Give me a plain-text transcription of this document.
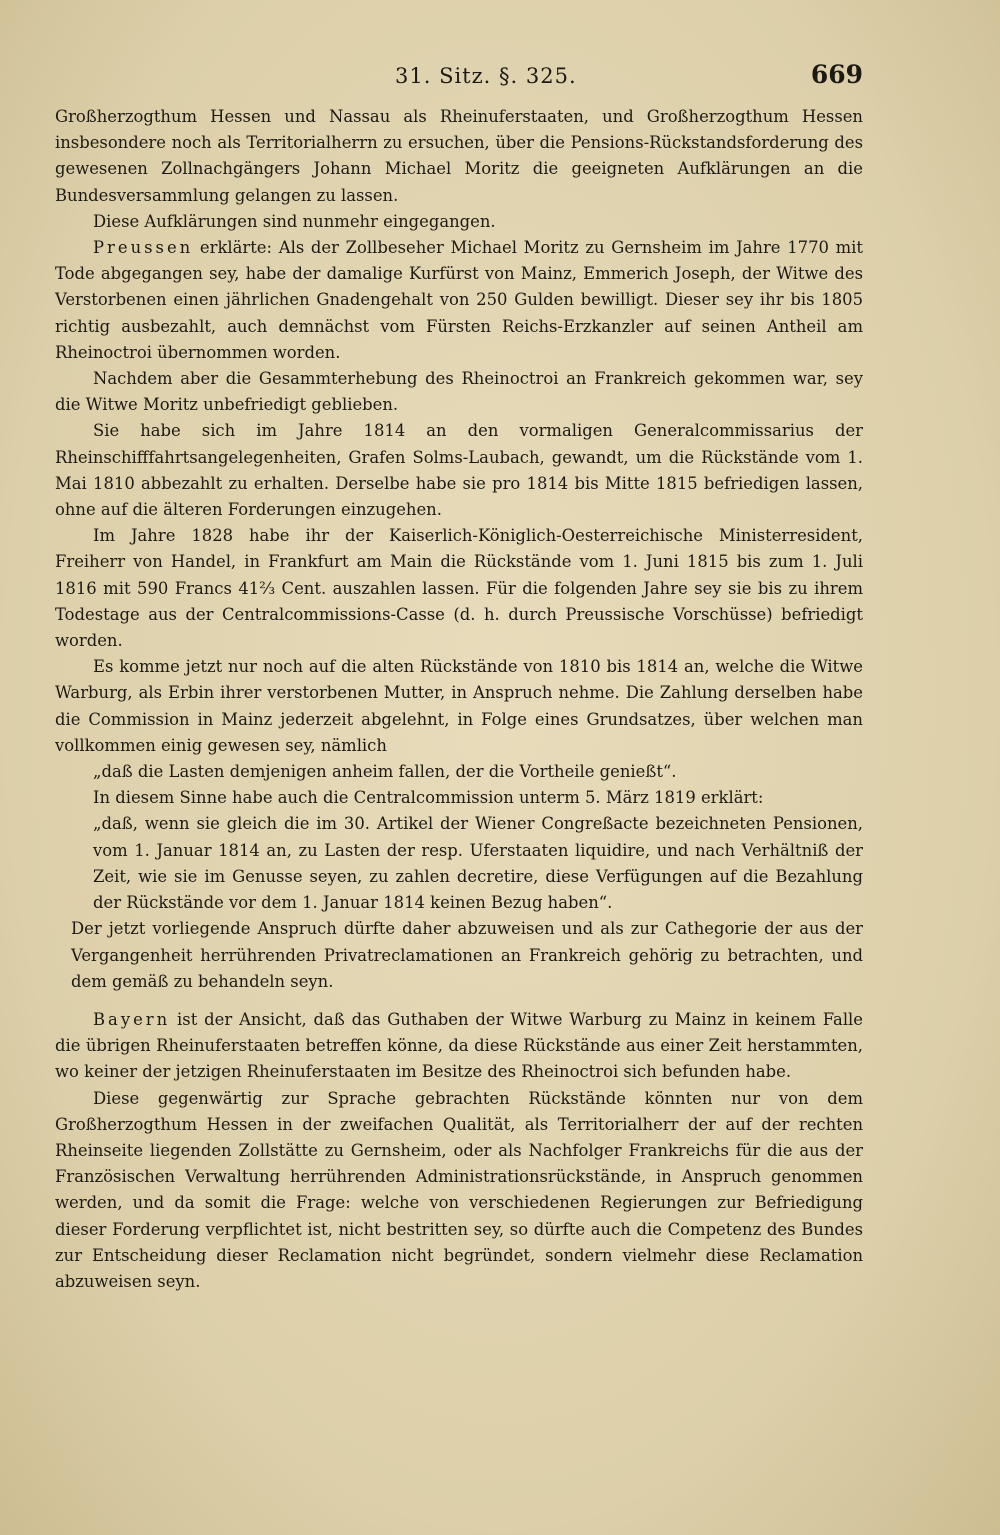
31. Sitz. §. 325.	669

Großherzogthum Hessen und Nassau als Rheinuferstaaten, und Großherzogthum Hessen insbesondere noch als Territorialherrn zu ersuchen, über die Pensions-Rückstandsforderung des gewesenen Zollnachgängers Johann Michael Moritz die geeigneten Aufklärungen an die Bundesversammlung gelangen zu lassen.

Diese Aufklärungen sind nunmehr eingegangen.

Preussen erklärte: Als der Zollbeseher Michael Moritz zu Gernsheim im Jahre 1770 mit Tode abgegangen sey, habe der damalige Kurfürst von Mainz, Emmerich Joseph, der Witwe des Verstorbenen einen jährlichen Gnadengehalt von 250 Gulden bewilligt. Dieser sey ihr bis 1805 richtig ausbezahlt, auch demnächst vom Fürsten Reichs-Erzkanzler auf seinen Antheil am Rheinoctroi übernommen worden.

Nachdem aber die Gesammterhebung des Rheinoctroi an Frankreich gekommen war, sey die Witwe Moritz unbefriedigt geblieben.

Sie habe sich im Jahre 1814 an den vormaligen Generalcommissarius der Rheinschifffahrtsangelegenheiten, Grafen Solms-Laubach, gewandt, um die Rückstände vom 1. Mai 1810 abbezahlt zu erhalten. Derselbe habe sie pro 1814 bis Mitte 1815 befriedigen lassen, ohne auf die älteren Forderungen einzugehen.

Im Jahre 1828 habe ihr der Kaiserlich-Königlich-Oesterreichische Ministerresident, Freiherr von Handel, in Frankfurt am Main die Rückstände vom 1. Juni 1815 bis zum 1. Juli 1816 mit 590 Francs 41⅔ Cent. auszahlen lassen. Für die folgenden Jahre sey sie bis zu ihrem Todestage aus der Centralcommissions-Casse (d. h. durch Preussische Vorschüsse) befriedigt worden.

Es komme jetzt nur noch auf die alten Rückstände von 1810 bis 1814 an, welche die Witwe Warburg, als Erbin ihrer verstorbenen Mutter, in Anspruch nehme. Die Zahlung derselben habe die Commission in Mainz jederzeit abgelehnt, in Folge eines Grundsatzes, über welchen man vollkommen einig gewesen sey, nämlich

„daß die Lasten demjenigen anheim fallen, der die Vortheile genießt“.

In diesem Sinne habe auch die Centralcommission unterm 5. März 1819 erklärt:

„daß, wenn sie gleich die im 30. Artikel der Wiener Congreßacte bezeichneten Pensionen, vom 1. Januar 1814 an, zu Lasten der resp. Uferstaaten liquidire, und nach Verhältniß der Zeit, wie sie im Genusse seyen, zu zahlen decretire, diese Verfügungen auf die Bezahlung der Rückstände vor dem 1. Januar 1814 keinen Bezug haben“.

Der jetzt vorliegende Anspruch dürfte daher abzuweisen und als zur Cathegorie der aus der Vergangenheit herrührenden Privatreclamationen an Frankreich gehörig zu betrachten, und dem gemäß zu behandeln seyn.

Bayern ist der Ansicht, daß das Guthaben der Witwe Warburg zu Mainz in keinem Falle die übrigen Rheinuferstaaten betreffen könne, da diese Rückstände aus einer Zeit herstammten, wo keiner der jetzigen Rheinuferstaaten im Besitze des Rheinoctroi sich befunden habe.

Diese gegenwärtig zur Sprache gebrachten Rückstände könnten nur von dem Großherzogthum Hessen in der zweifachen Qualität, als Territorialherr der auf der rechten Rheinseite liegenden Zollstätte zu Gernsheim, oder als Nachfolger Frankreichs für die aus der Französischen Verwaltung herrührenden Administrationsrückstände, in Anspruch genommen werden, und da somit die Frage: welche von verschiedenen Regierungen zur Befriedigung dieser Forderung verpflichtet ist, nicht bestritten sey, so dürfte auch die Competenz des Bundes zur Entscheidung dieser Reclamation nicht begründet, sondern vielmehr diese Reclamation abzuweisen seyn.
